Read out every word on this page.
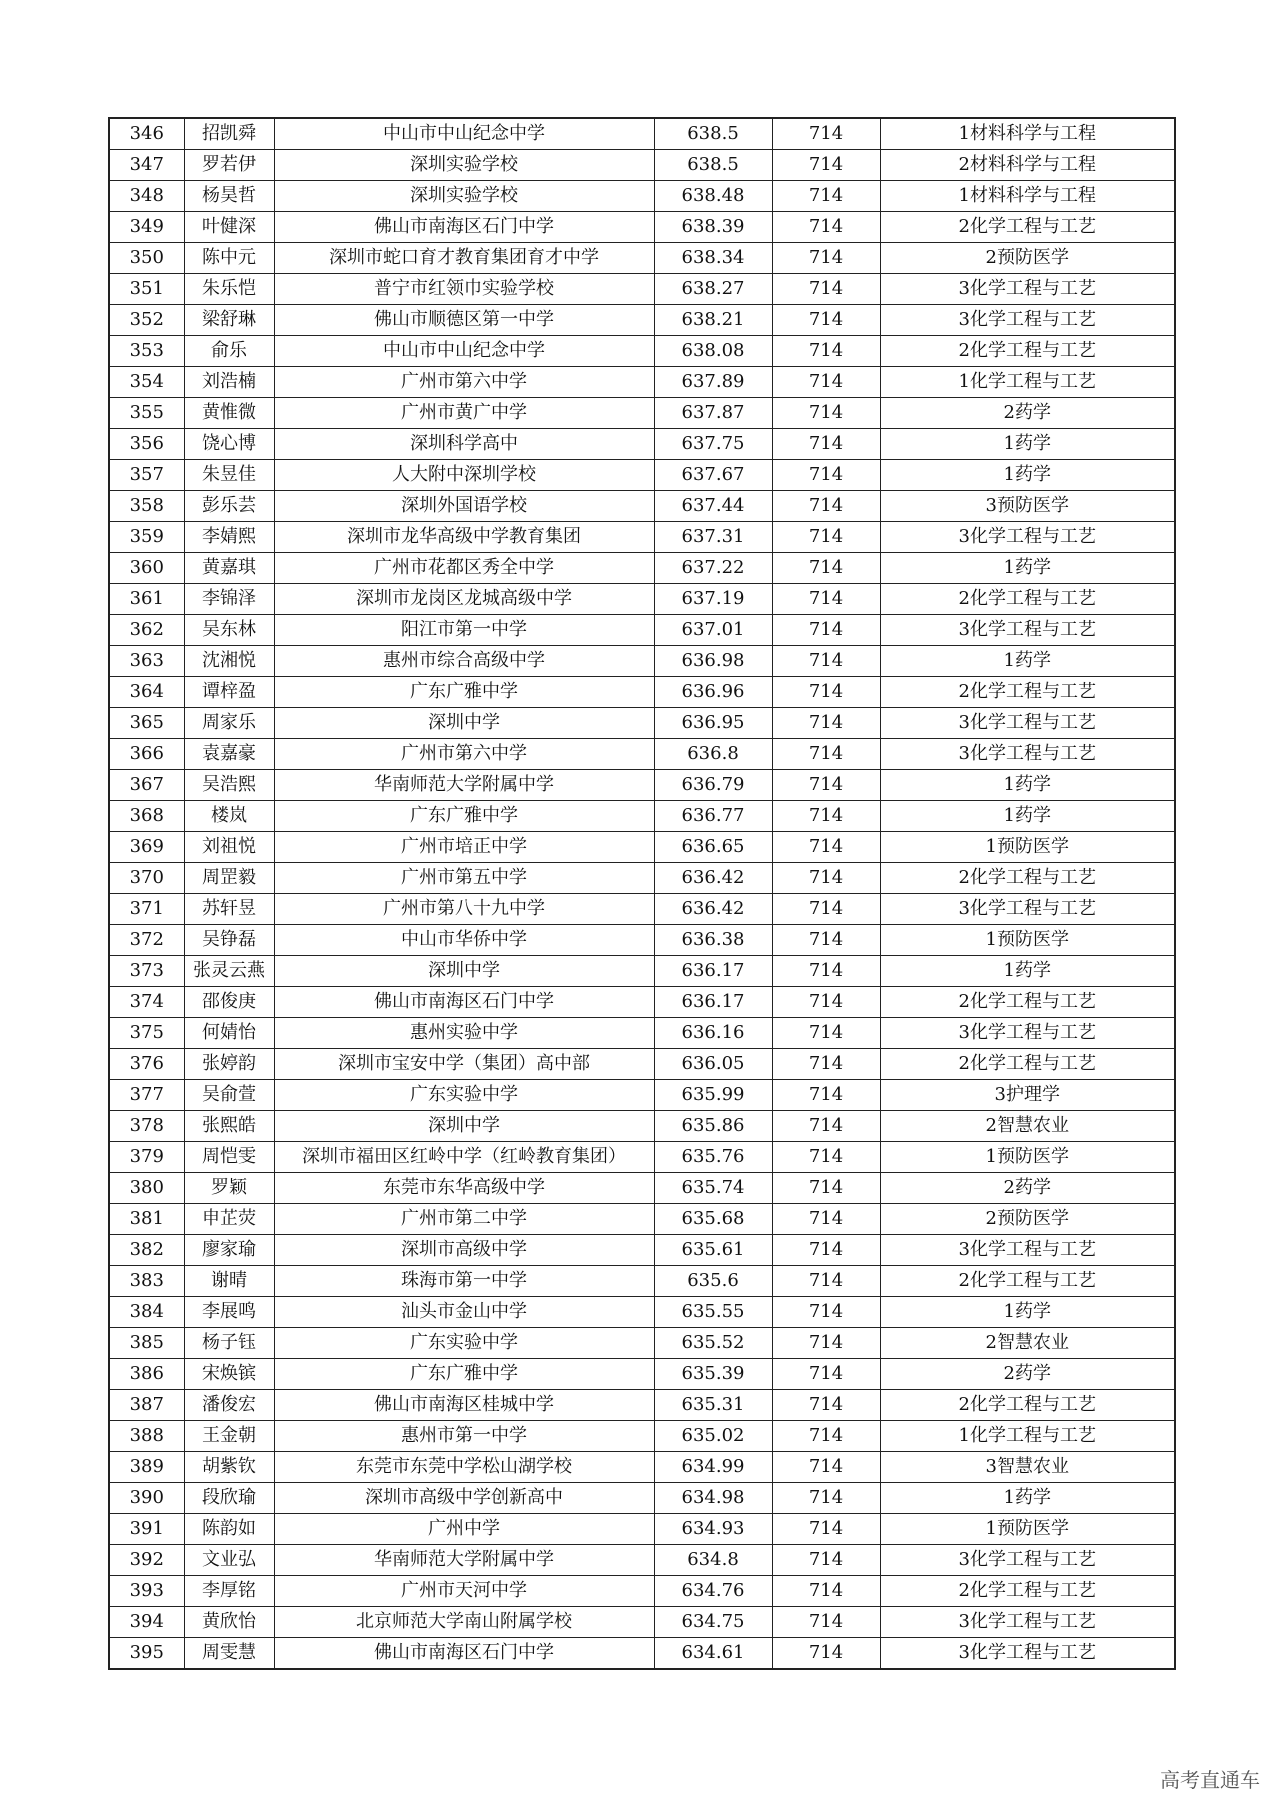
346	招凯舜	中山市中山纪念中学	638.5	714	1材料科学与工程
347	罗若伊	深圳实验学校	638.5	714	2材料科学与工程
348	杨昊哲	深圳实验学校	638.48	714	1材料科学与工程
349	叶健深	佛山市南海区石门中学	638.39	714	2化学工程与工艺
350	陈中元	深圳市蛇口育才教育集团育才中学	638.34	714	2预防医学
351	朱乐恺	普宁市红领巾实验学校	638.27	714	3化学工程与工艺
352	梁舒琳	佛山市顺德区第一中学	638.21	714	3化学工程与工艺
353	俞乐	中山市中山纪念中学	638.08	714	2化学工程与工艺
354	刘浩楠	广州市第六中学	637.89	714	1化学工程与工艺
355	黄惟微	广州市黄广中学	637.87	714	2药学
356	饶心博	深圳科学高中	637.75	714	1药学
357	朱昱佳	人大附中深圳学校	637.67	714	1药学
358	彭乐芸	深圳外国语学校	637.44	714	3预防医学
359	李婧熙	深圳市龙华高级中学教育集团	637.31	714	3化学工程与工艺
360	黄嘉琪	广州市花都区秀全中学	637.22	714	1药学
361	李锦泽	深圳市龙岗区龙城高级中学	637.19	714	2化学工程与工艺
362	吴东林	阳江市第一中学	637.01	714	3化学工程与工艺
363	沈湘悦	惠州市综合高级中学	636.98	714	1药学
364	谭梓盈	广东广雅中学	636.96	714	2化学工程与工艺
365	周家乐	深圳中学	636.95	714	3化学工程与工艺
366	袁嘉豪	广州市第六中学	636.8	714	3化学工程与工艺
367	吴浩熙	华南师范大学附属中学	636.79	714	1药学
368	楼岚	广东广雅中学	636.77	714	1药学
369	刘祖悦	广州市培正中学	636.65	714	1预防医学
370	周罡毅	广州市第五中学	636.42	714	2化学工程与工艺
371	苏轩昱	广州市第八十九中学	636.42	714	3化学工程与工艺
372	吴铮磊	中山市华侨中学	636.38	714	1预防医学
373	张灵云燕	深圳中学	636.17	714	1药学
374	邵俊庚	佛山市南海区石门中学	636.17	714	2化学工程与工艺
375	何婧怡	惠州实验中学	636.16	714	3化学工程与工艺
376	张婷韵	深圳市宝安中学（集团）高中部	636.05	714	2化学工程与工艺
377	吴俞萱	广东实验中学	635.99	714	3护理学
378	张熙皓	深圳中学	635.86	714	2智慧农业
379	周恺雯	深圳市福田区红岭中学（红岭教育集团）	635.76	714	1预防医学
380	罗颖	东莞市东华高级中学	635.74	714	2药学
381	申芷荧	广州市第二中学	635.68	714	2预防医学
382	廖家瑜	深圳市高级中学	635.61	714	3化学工程与工艺
383	谢晴	珠海市第一中学	635.6	714	2化学工程与工艺
384	李展鸣	汕头市金山中学	635.55	714	1药学
385	杨子钰	广东实验中学	635.52	714	2智慧农业
386	宋焕镔	广东广雅中学	635.39	714	2药学
387	潘俊宏	佛山市南海区桂城中学	635.31	714	2化学工程与工艺
388	王金朝	惠州市第一中学	635.02	714	1化学工程与工艺
389	胡紫钦	东莞市东莞中学松山湖学校	634.99	714	3智慧农业
390	段欣瑜	深圳市高级中学创新高中	634.98	714	1药学
391	陈韵如	广州中学	634.93	714	1预防医学
392	文业弘	华南师范大学附属中学	634.8	714	3化学工程与工艺
393	李厚铭	广州市天河中学	634.76	714	2化学工程与工艺
394	黄欣怡	北京师范大学南山附属学校	634.75	714	3化学工程与工艺
395	周雯慧	佛山市南海区石门中学	634.61	714	3化学工程与工艺
高考直通车
